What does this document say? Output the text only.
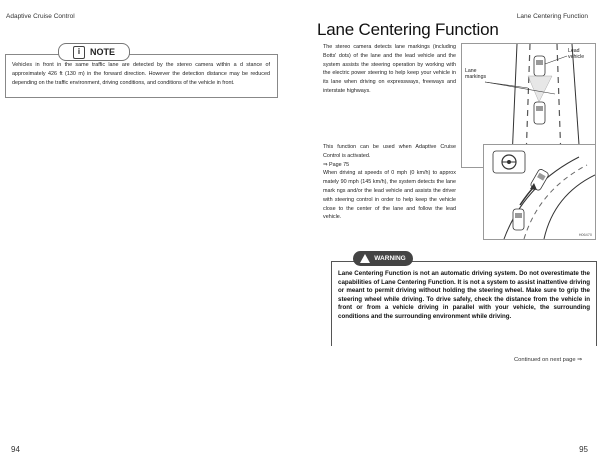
Adaptive Cruise Control	Lane Centering Function
i	NOTE
Vehicles in front in the same traffic lane are detected by the stereo camera within a d stance of approximately 426 ft (130 m) in the forward direction. However the detection distance may be reduced depending on the traffic environment, driving conditions, and conditions of the vehicle in front.
94
Lane Centering Function
The stereo camera detects lane markings (including Botts' dots) of the lane and the lead vehicle and the system assists the steering operation by working with the electric power steering to help keep your vehicle in its lane when driving on expressways, freeways and interstate highways.
Lane markings
Lead vehicle
This function can be used when Adaptive Cruise Control is activated.
⇒ Page 75
When driving at speeds of 0 mph (0 km/h) to approx mately 90 mph (145 km/h), the system detects the lane mark ngs and/or the lead vehicle and assists the driver with steering control in order to help keep the vehicle close to the center of the lane and follow the lead vehicle.
H06470
WARNING
Lane Centering Function is not an automatic driving system. Do not overestimate the capabilities of Lane Centering Function. It is not a system to assist inattentive driving or meant to permit driving without holding the steering wheel. Make sure to grip the steering wheel while driving. To drive safely, check the distance from the vehicle in front or from a vehicle driving in parallel with your vehicle, the surrounding conditions and the surrounding environment while driving.
Continued on next page ⇒
95
